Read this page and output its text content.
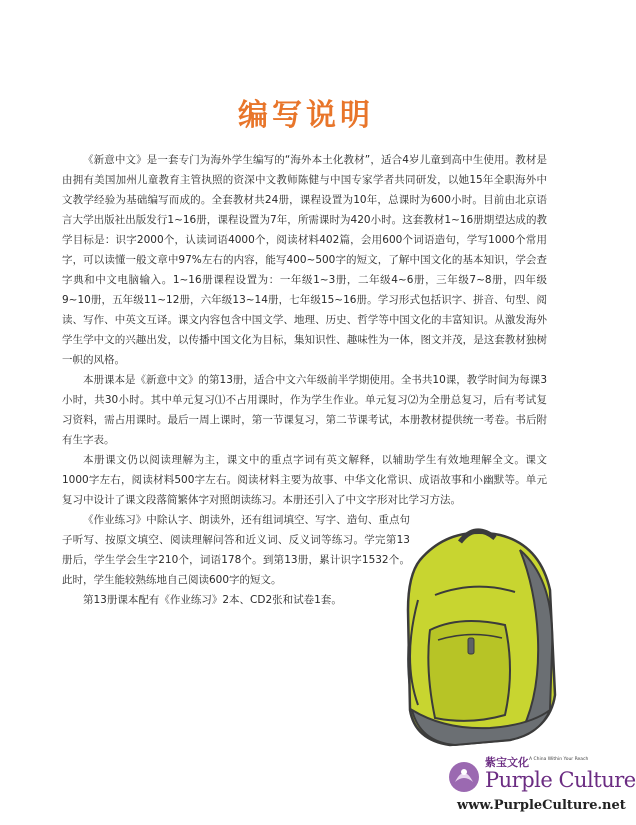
编写说明

《新意中文》是一套专门为海外学生编写的“海外本土化教材”，适合4岁儿童到高中生使用。教材是由拥有美国加州儿童教育主管执照的资深中文教师陈健与中国专家学者共同研发，以她15年全职海外中文教学经验为基础编写而成的。全套教材共24册，课程设置为10年，总课时为600小时。目前由北京语言大学出版社出版发行1~16册，课程设置为7年，所需课时为420小时。这套教材1~16册期望达成的教学目标是：识字2000个，认读词语4000个，阅读材料402篇，会用600个词语造句，学写1000个常用字，可以读懂一般文章中97%左右的内容，能写400~500字的短文，了解中国文化的基本知识，学会查字典和中文电脑输入。1~16册课程设置为：一年级1~3册，二年级4~6册，三年级7~8册，四年级9~10册，五年级11~12册，六年级13~14册，七年级15~16册。学习形式包括识字、拼音、句型、阅读、写作、中英文互译。课文内容包含中国文学、地理、历史、哲学等中国文化的丰富知识。从激发海外学生学中文的兴趣出发，以传播中国文化为目标，集知识性、趣味性为一体，图文并茂，是这套教材独树一帜的风格。

本册课本是《新意中文》的第13册，适合中文六年级前半学期使用。全书共10课，教学时间为每课3小时，共30小时。其中单元复习⑴不占用课时，作为学生作业。单元复习⑵为全册总复习，后有考试复习资料，需占用课时。最后一周上课时，第一节课复习，第二节课考试，本册教材提供统一考卷。书后附有生字表。

本册课文仍以阅读理解为主，课文中的重点字词有英文解释，以辅助学生有效地理解全文。课文1000字左右，阅读材料500字左右。阅读材料主要为故事、中华文化常识、成语故事和小幽默等。单元复习中设计了课文段落简繁体字对照朗读练习。本册还引入了中文字形对比学习方法。

《作业练习》中除认字、朗读外，还有组词填空、写字、造句、重点句子听写、按原文填空、阅读理解问答和近义词、反义词等练习。学完第13册后，学生学会生字210个，词语178个。到第13册，累计识字1532个。此时，学生能较熟练地自己阅读600字的短文。

第13册课本配有《作业练习》2本、CD2张和试卷1套。

紫宝文化 A China Within Your Reach
Purple Culture
www.PurpleCulture.net
